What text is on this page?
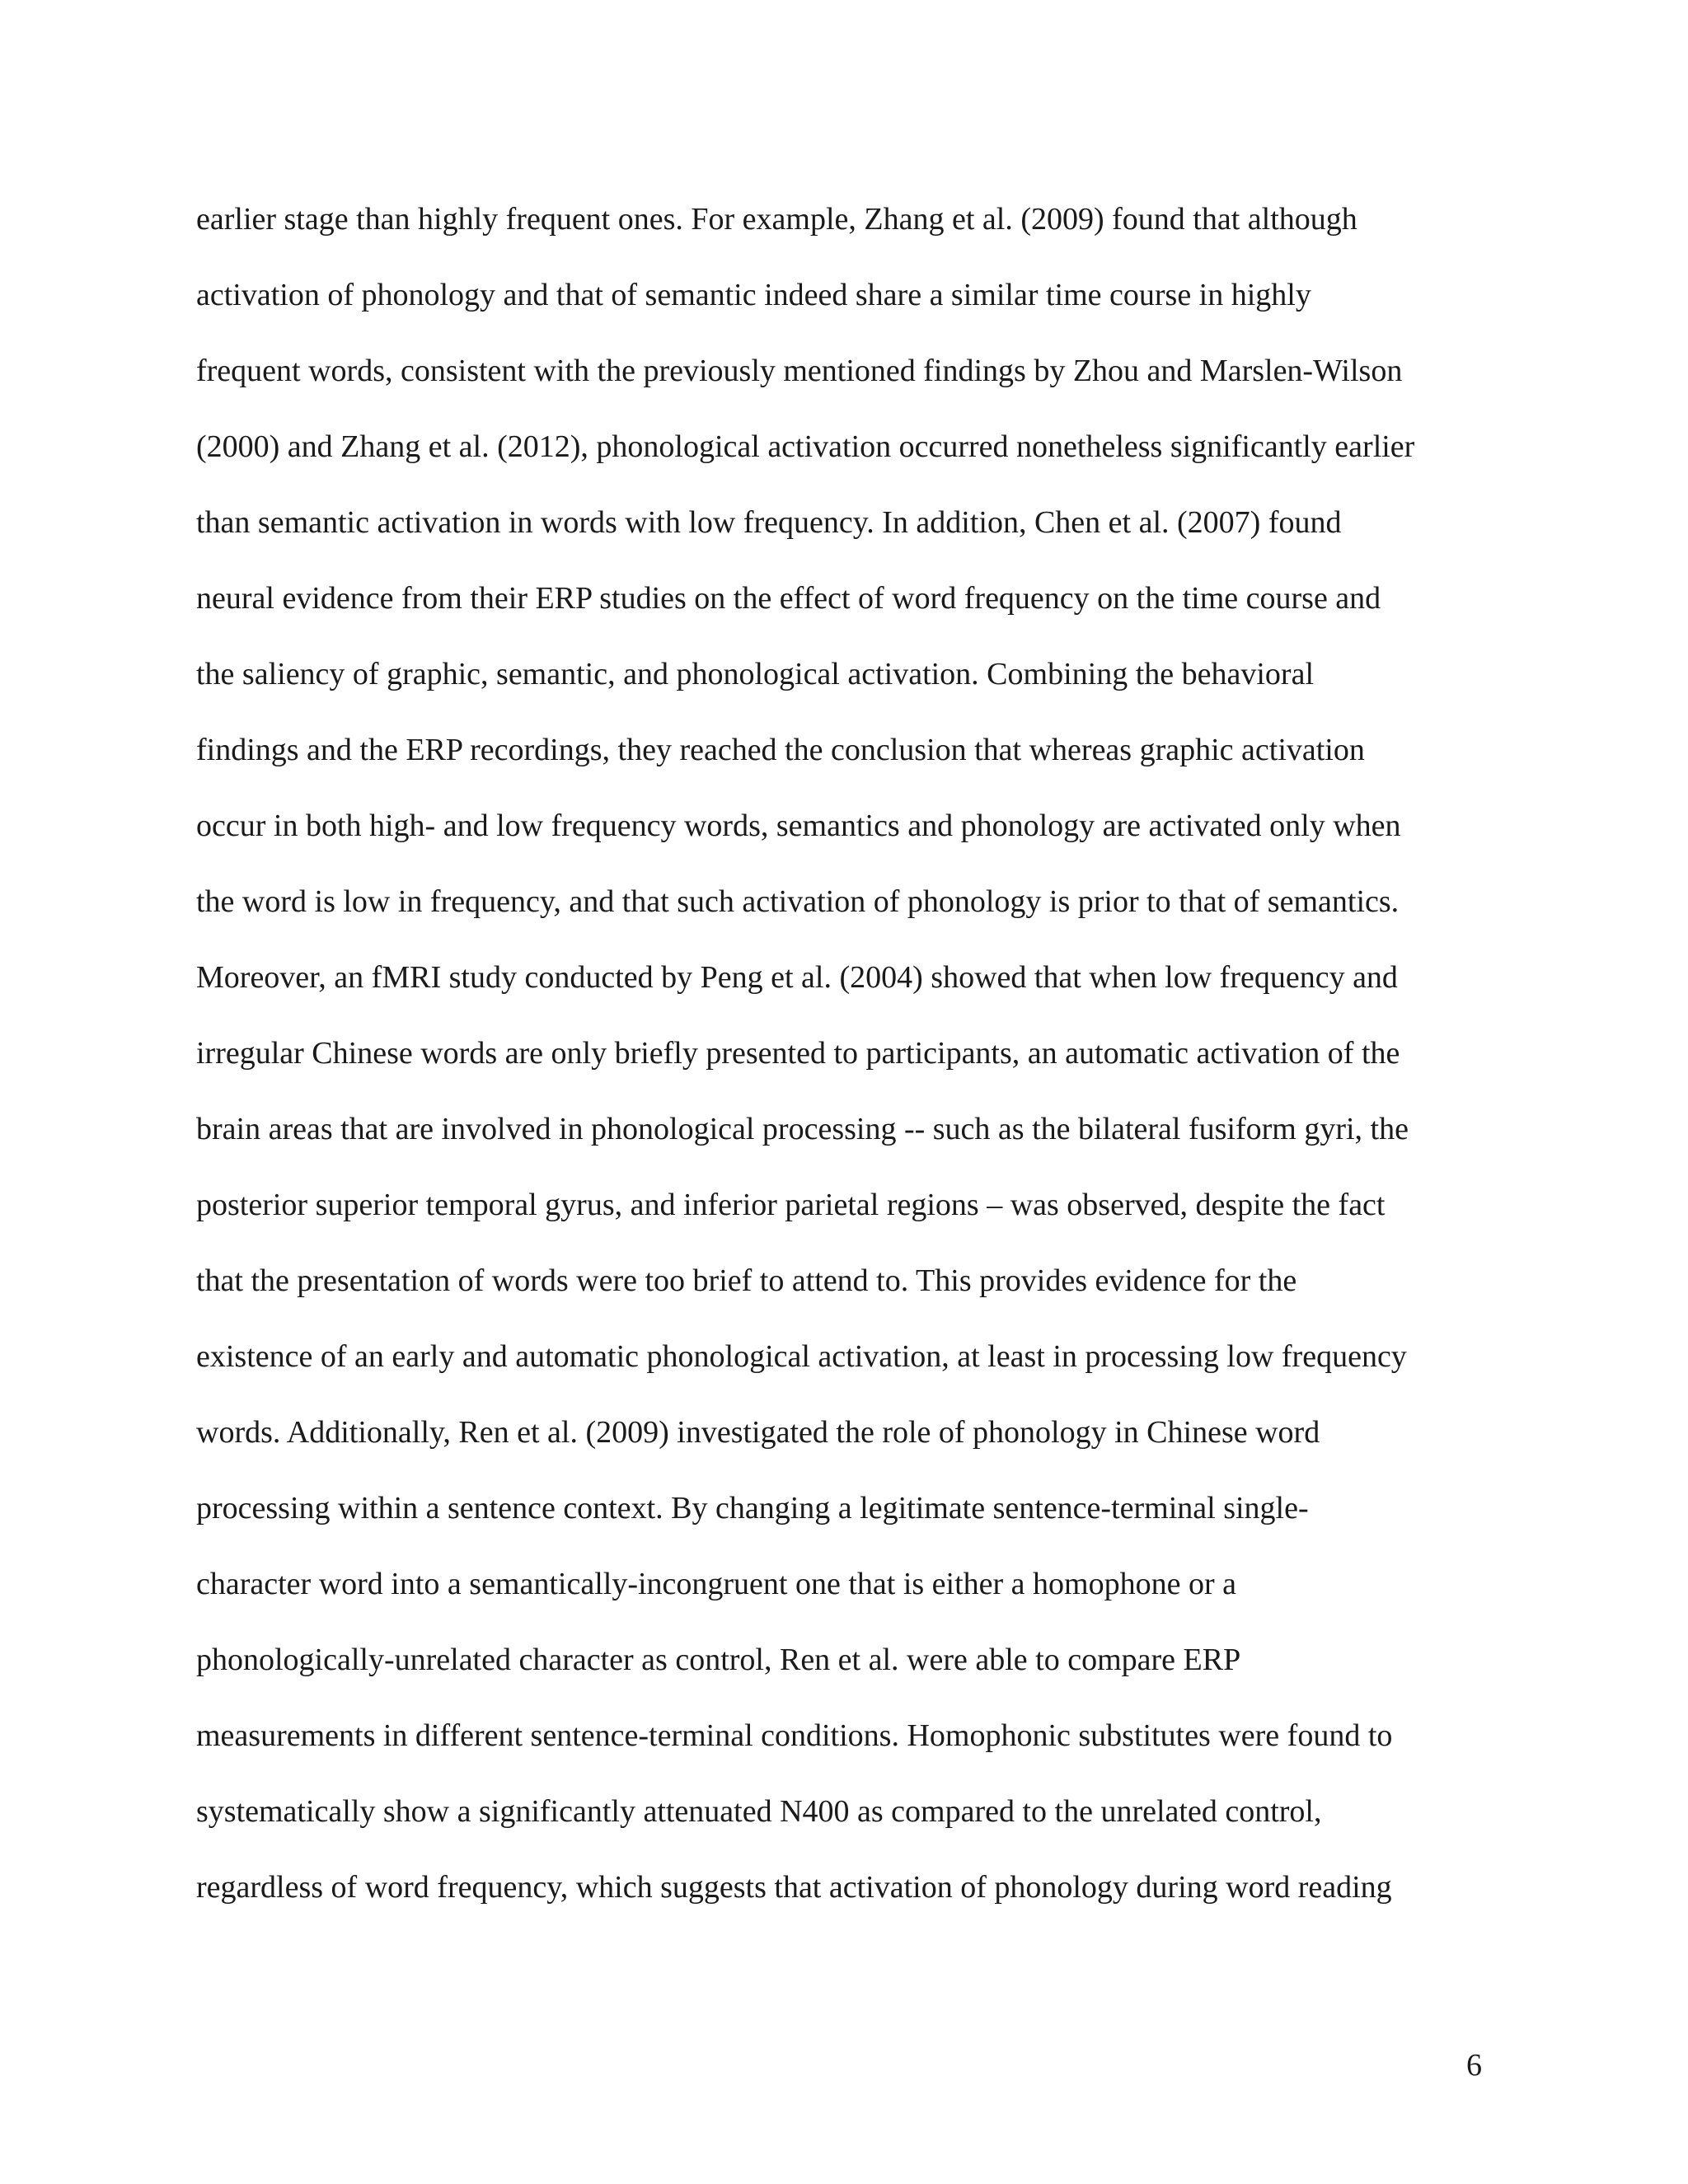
earlier stage than highly frequent ones. For example, Zhang et al. (2009) found that although
activation of phonology and that of semantic indeed share a similar time course in highly
frequent words, consistent with the previously mentioned findings by Zhou and Marslen-Wilson
(2000) and Zhang et al. (2012), phonological activation occurred nonetheless significantly earlier
than semantic activation in words with low frequency. In addition, Chen et al. (2007) found
neural evidence from their ERP studies on the effect of word frequency on the time course and
the saliency of graphic, semantic, and phonological activation. Combining the behavioral
findings and the ERP recordings, they reached the conclusion that whereas graphic activation
occur in both high- and low frequency words, semantics and phonology are activated only when
the word is low in frequency, and that such activation of phonology is prior to that of semantics.
Moreover, an fMRI study conducted by Peng et al. (2004) showed that when low frequency and
irregular Chinese words are only briefly presented to participants, an automatic activation of the
brain areas that are involved in phonological processing -- such as the bilateral fusiform gyri, the
posterior superior temporal gyrus, and inferior parietal regions – was observed, despite the fact
that the presentation of words were too brief to attend to. This provides evidence for the
existence of an early and automatic phonological activation, at least in processing low frequency
words. Additionally, Ren et al. (2009) investigated the role of phonology in Chinese word
processing within a sentence context. By changing a legitimate sentence-terminal single-
character word into a semantically-incongruent one that is either a homophone or a
phonologically-unrelated character as control, Ren et al. were able to compare ERP
measurements in different sentence-terminal conditions. Homophonic substitutes were found to
systematically show a significantly attenuated N400 as compared to the unrelated control,
regardless of word frequency, which suggests that activation of phonology during word reading
6
